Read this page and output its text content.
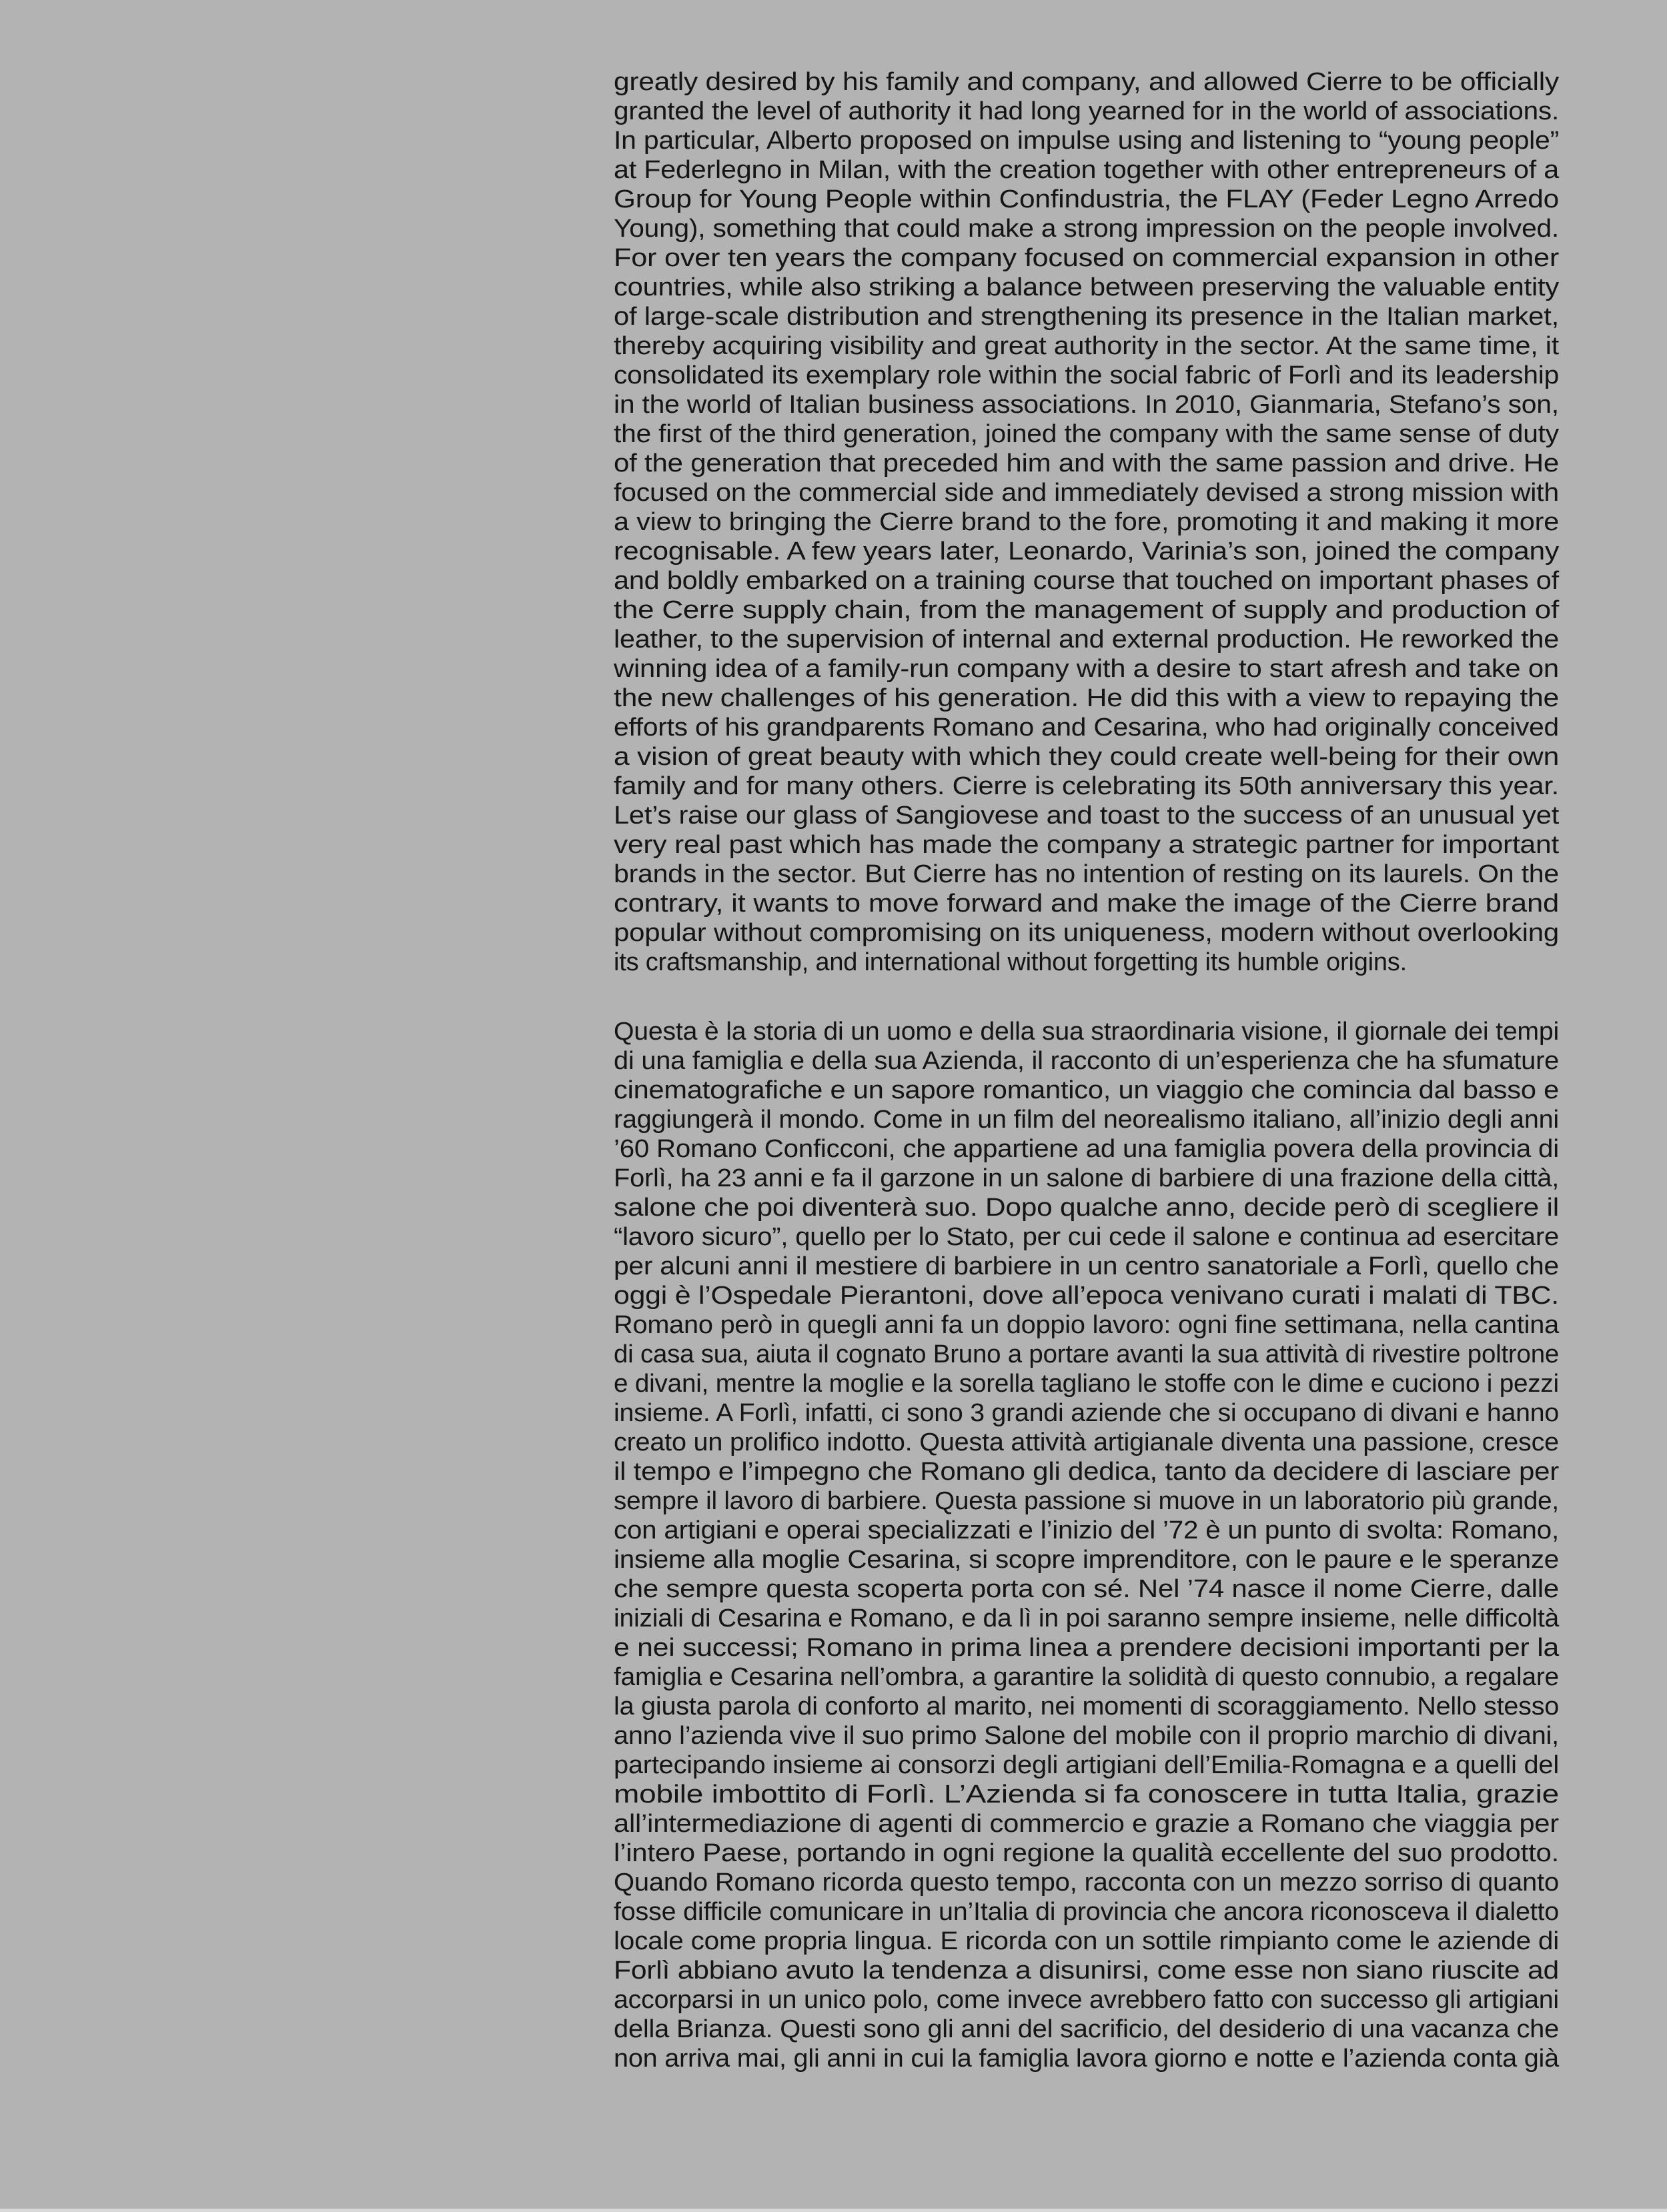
greatly desired by his family and company, and allowed Cierre to be officially
granted the level of authority it had long yearned for in the world of associations.
In particular, Alberto proposed on impulse using and listening to “young people”
at Federlegno in Milan, with the creation together with other entrepreneurs of a
Group for Young People within Confindustria, the FLAY (Feder Legno Arredo
Young), something that could make a strong impression on the people involved.
For over ten years the company focused on commercial expansion in other
countries, while also striking a balance between preserving the valuable entity
of large-scale distribution and strengthening its presence in the Italian market,
thereby acquiring visibility and great authority in the sector. At the same time, it
consolidated its exemplary role within the social fabric of Forlì and its leadership
in the world of Italian business associations. In 2010, Gianmaria, Stefano’s son,
the first of the third generation, joined the company with the same sense of duty
of the generation that preceded him and with the same passion and drive. He
focused on the commercial side and immediately devised a strong mission with
a view to bringing the Cierre brand to the fore, promoting it and making it more
recognisable. A few years later, Leonardo, Varinia’s son, joined the company
and boldly embarked on a training course that touched on important phases of
the Cerre supply chain, from the management of supply and production of
leather, to the supervision of internal and external production. He reworked the
winning idea of a family-run company with a desire to start afresh and take on
the new challenges of his generation. He did this with a view to repaying the
efforts of his grandparents Romano and Cesarina, who had originally conceived
a vision of great beauty with which they could create well-being for their own
family and for many others. Cierre is celebrating its 50th anniversary this year.
Let’s raise our glass of Sangiovese and toast to the success of an unusual yet
very real past which has made the company a strategic partner for important
brands in the sector. But Cierre has no intention of resting on its laurels. On the
contrary, it wants to move forward and make the image of the Cierre brand
popular without compromising on its uniqueness, modern without overlooking
its craftsmanship, and international without forgetting its humble origins.
Questa è la storia di un uomo e della sua straordinaria visione, il giornale dei tempi
di una famiglia e della sua Azienda, il racconto di un’esperienza che ha sfumature
cinematografiche e un sapore romantico, un viaggio che comincia dal basso e
raggiungerà il mondo. Come in un film del neorealismo italiano, all’inizio degli anni
’60 Romano Conficconi, che appartiene ad una famiglia povera della provincia di
Forlì, ha 23 anni e fa il garzone in un salone di barbiere di una frazione della città,
salone che poi diventerà suo. Dopo qualche anno, decide però di scegliere il
“lavoro sicuro”, quello per lo Stato, per cui cede il salone e continua ad esercitare
per alcuni anni il mestiere di barbiere in un centro sanatoriale a Forlì, quello che
oggi è l’Ospedale Pierantoni, dove all’epoca venivano curati i malati di TBC.
Romano però in quegli anni fa un doppio lavoro: ogni fine settimana, nella cantina
di casa sua, aiuta il cognato Bruno a portare avanti la sua attività di rivestire poltrone
e divani, mentre la moglie e la sorella tagliano le stoffe con le dime e cuciono i pezzi
insieme. A Forlì, infatti, ci sono 3 grandi aziende che si occupano di divani e hanno
creato un prolifico indotto. Questa attività artigianale diventa una passione, cresce
il tempo e l’impegno che Romano gli dedica, tanto da decidere di lasciare per
sempre il lavoro di barbiere. Questa passione si muove in un laboratorio più grande,
con artigiani e operai specializzati e l’inizio del ’72 è un punto di svolta: Romano,
insieme alla moglie Cesarina, si scopre imprenditore, con le paure e le speranze
che sempre questa scoperta porta con sé. Nel ’74 nasce il nome Cierre, dalle
iniziali di Cesarina e Romano, e da lì in poi saranno sempre insieme, nelle difficoltà
e nei successi; Romano in prima linea a prendere decisioni importanti per la
famiglia e Cesarina nell’ombra, a garantire la solidità di questo connubio, a regalare
la giusta parola di conforto al marito, nei momenti di scoraggiamento. Nello stesso
anno l’azienda vive il suo primo Salone del mobile con il proprio marchio di divani,
partecipando insieme ai consorzi degli artigiani dell’Emilia-Romagna e a quelli del
mobile imbottito di Forlì. L’Azienda si fa conoscere in tutta Italia, grazie
all’intermediazione di agenti di commercio e grazie a Romano che viaggia per
l’intero Paese, portando in ogni regione la qualità eccellente del suo prodotto.
Quando Romano ricorda questo tempo, racconta con un mezzo sorriso di quanto
fosse difficile comunicare in un’Italia di provincia che ancora riconosceva il dialetto
locale come propria lingua. E ricorda con un sottile rimpianto come le aziende di
Forlì abbiano avuto la tendenza a disunirsi, come esse non siano riuscite ad
accorparsi in un unico polo, come invece avrebbero fatto con successo gli artigiani
della Brianza. Questi sono gli anni del sacrificio, del desiderio di una vacanza che
non arriva mai, gli anni in cui la famiglia lavora giorno e notte e l’azienda conta già
